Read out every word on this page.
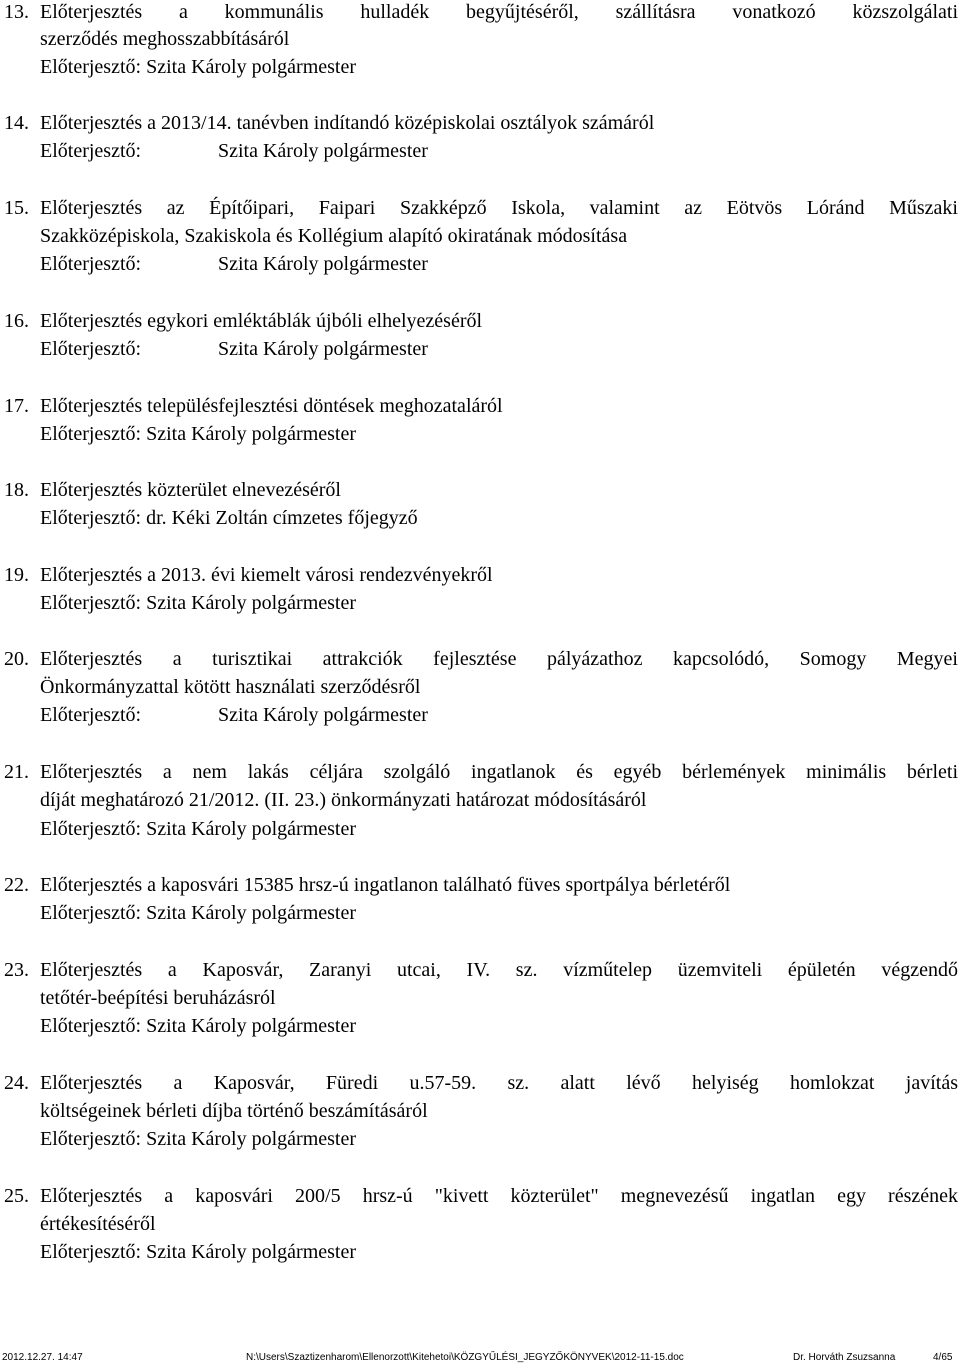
13. Előterjesztés a kommunális hulladék begyűjtéséről, szállításra vonatkozó közszolgálati
szerződés meghosszabbításáról
Előterjesztő: Szita Károly polgármester
14. Előterjesztés a 2013/14. tanévben indítandó középiskolai osztályok számáról
Előterjesztő:	Szita Károly polgármester
15. Előterjesztés az Építőipari, Faipari Szakképző Iskola, valamint az Eötvös Lóránd Műszaki
Szakközépiskola, Szakiskola és Kollégium alapító okiratának módosítása
Előterjesztő:	Szita Károly polgármester
16. Előterjesztés egykori emléktáblák újbóli elhelyezéséről
Előterjesztő:	Szita Károly polgármester
17. Előterjesztés településfejlesztési döntések meghozataláról
Előterjesztő: Szita Károly polgármester
18. Előterjesztés közterület elnevezéséről
Előterjesztő: dr. Kéki Zoltán címzetes főjegyző
19. Előterjesztés a 2013. évi kiemelt városi rendezvényekről
Előterjesztő: Szita Károly polgármester
20. Előterjesztés a turisztikai attrakciók fejlesztése pályázathoz kapcsolódó, Somogy Megyei
Önkormányzattal kötött használati szerződésről
Előterjesztő:	Szita Károly polgármester
21. Előterjesztés a nem lakás céljára szolgáló ingatlanok és egyéb bérlemények minimális bérleti
díját meghatározó 21/2012. (II. 23.) önkormányzati határozat módosításáról
Előterjesztő: Szita Károly polgármester
22. Előterjesztés a kaposvári 15385 hrsz-ú ingatlanon található füves sportpálya bérletéről
Előterjesztő: Szita Károly polgármester
23. Előterjesztés a Kaposvár, Zaranyi utcai, IV. sz. vízműtelep üzemviteli épületén végzendő
tetőtér-beépítési beruházásról
Előterjesztő: Szita Károly polgármester
24. Előterjesztés a Kaposvár, Füredi u.57-59. sz. alatt lévő helyiség homlokzat javítás
költségeinek bérleti díjba történő beszámításáról
Előterjesztő: Szita Károly polgármester
25. Előterjesztés a kaposvári 200/5 hrsz-ú "kivett közterület" megnevezésű ingatlan egy részének
értékesítéséről
Előterjesztő: Szita Károly polgármester
2012.12.27. 14:47	N:\Users\Szaztizenharom\Ellenorzott\Kitehetoi\KÖZGYŰLÉSI_JEGYZŐKÖNYVEK\2012-11-15.doc	Dr. Horváth Zsuzsanna	4/65
